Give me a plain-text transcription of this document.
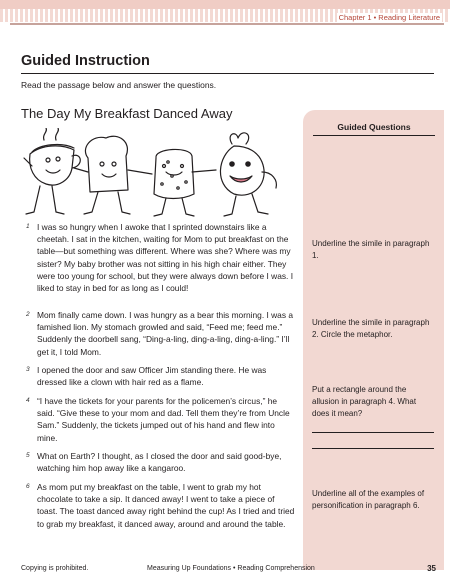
Chapter 1 • Reading Literature
Guided Instruction
Read the passage below and answer the questions.
The Day My Breakfast Danced Away
1 I was so hungry when I awoke that I sprinted downstairs like a cheetah. I sat in the kitchen, waiting for Mom to put breakfast on the table—but something was different. Where was she? Where was my sister? My baby brother was not sitting in his high chair either. They were too young for school, but they were always down before I was. I liked to stay in bed for as long as I could!
2 Mom finally came down. I was hungry as a bear this morning. I was a famished lion. My stomach growled and said, “Feed me; feed me.” Suddenly the doorbell sang, “Ding-a-ling, ding-a-ling, ding-a-ling.” I’ll get it, I told Mom.
3 I opened the door and saw Officer Jim standing there. He was dressed like a clown with hair red as a flame.
4 “I have the tickets for your parents for the policemen’s circus,” he said. “Give these to your mom and dad. Tell them they’re from Uncle Sam.” Suddenly, the tickets jumped out of his hand and flew into mine.
5 What on Earth? I thought, as I closed the door and said good-bye, watching him hop away like a kangaroo.
6 As mom put my breakfast on the table, I went to grab my hot chocolate to take a sip. It danced away! I went to take a piece of toast. The toast danced away right behind the cup! As I tried and tried to grab my breakfast, it danced away, around and around the table.
Guided Questions
Underline the simile in paragraph 1.
Underline the simile in paragraph 2. Circle the metaphor.
Put a rectangle around the allusion in paragraph 4. What does it mean?
Underline all of the examples of personification in paragraph 6.
Copying is prohibited.	Measuring Up Foundations • Reading Comprehension	35
